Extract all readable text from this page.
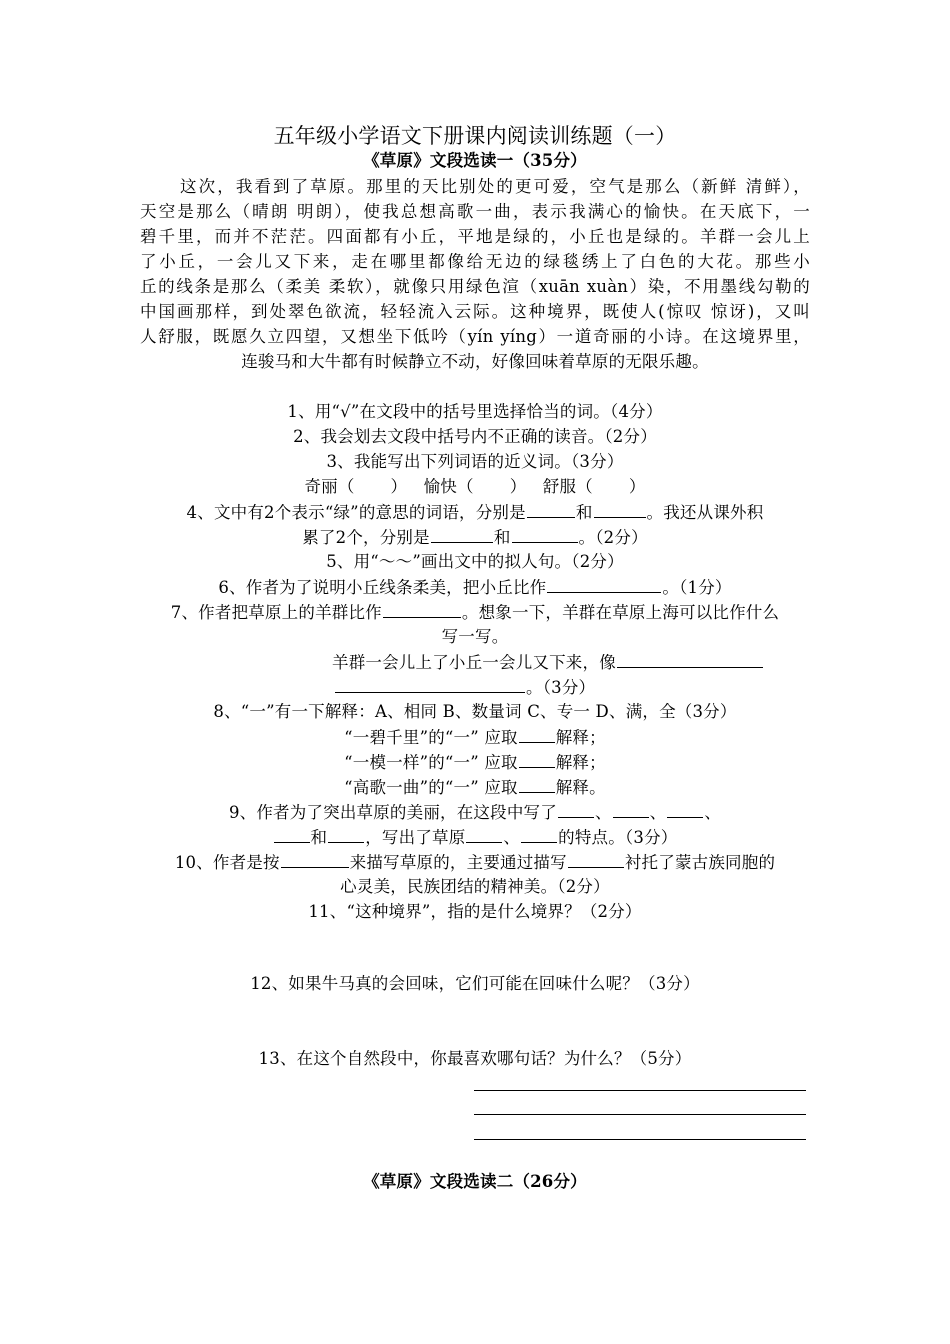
五年级小学语文下册课内阅读训练题（一）
《草原》文段选读一（35分）
这次，我看到了草原。那里的天比别处的更可爱，空气是那么（新鲜 清鲜），
天空是那么（晴朗 明朗），使我总想高歌一曲，表示我满心的愉快。在天底下，一
碧千里，而并不茫茫。四面都有小丘，平地是绿的，小丘也是绿的。羊群一会儿上
了小丘，一会儿又下来，走在哪里都像给无边的绿毯绣上了白色的大花。那些小
丘的线条是那么（柔美 柔软），就像只用绿色渲（xuān xuàn）染，不用墨线勾勒的
中国画那样，到处翠色欲流，轻轻流入云际。这种境界，既使人(惊叹 惊讶)，又叫
人舒服，既愿久立四望，又想坐下低吟（yín yíng）一道奇丽的小诗。在这境界里，
连骏马和大牛都有时候静立不动，好像回味着草原的无限乐趣。
1、用“√”在文段中的括号里选择恰当的词。（4分）
2、我会划去文段中括号内不正确的读音。（2分）
3、我能写出下列词语的近义词。（3分）
奇丽（ ） 愉快（ ） 舒服（ ）
4、文中有2个表示“绿”的意思的词语，分别是	和	。我还从课外积
累了2个，分别是	和	。（2分）
5、用“～～”画出文中的拟人句。（2分）
6、作者为了说明小丘线条柔美，把小丘比作	。（1分）
7、作者把草原上的羊群比作	。想象一下，羊群在草原上海可以比作什么
写一写。
羊群一会儿上了小丘一会儿又下来，像
。（3分）
8、“一”有一下解释：A、相同 B、数量词 C、专一 D、满，全（3分）
“一碧千里”的“一” 应取 解释；
“一模一样”的“一” 应取 解释；
“高歌一曲”的“一” 应取 解释。
9、作者为了突出草原的美丽，在这段中写了 、 、 、
和 ，写出了草原 、 的特点。（3分）
10、作者是按	来描写草原的，主要通过描写	衬托了蒙古族同胞的
心灵美，民族团结的精神美。（2分）
11、“这种境界”，指的是什么境界？（2分）
12、如果牛马真的会回味，它们可能在回味什么呢？（3分）
13、在这个自然段中，你最喜欢哪句话？为什么？（5分）
《草原》文段选读二（26分）
